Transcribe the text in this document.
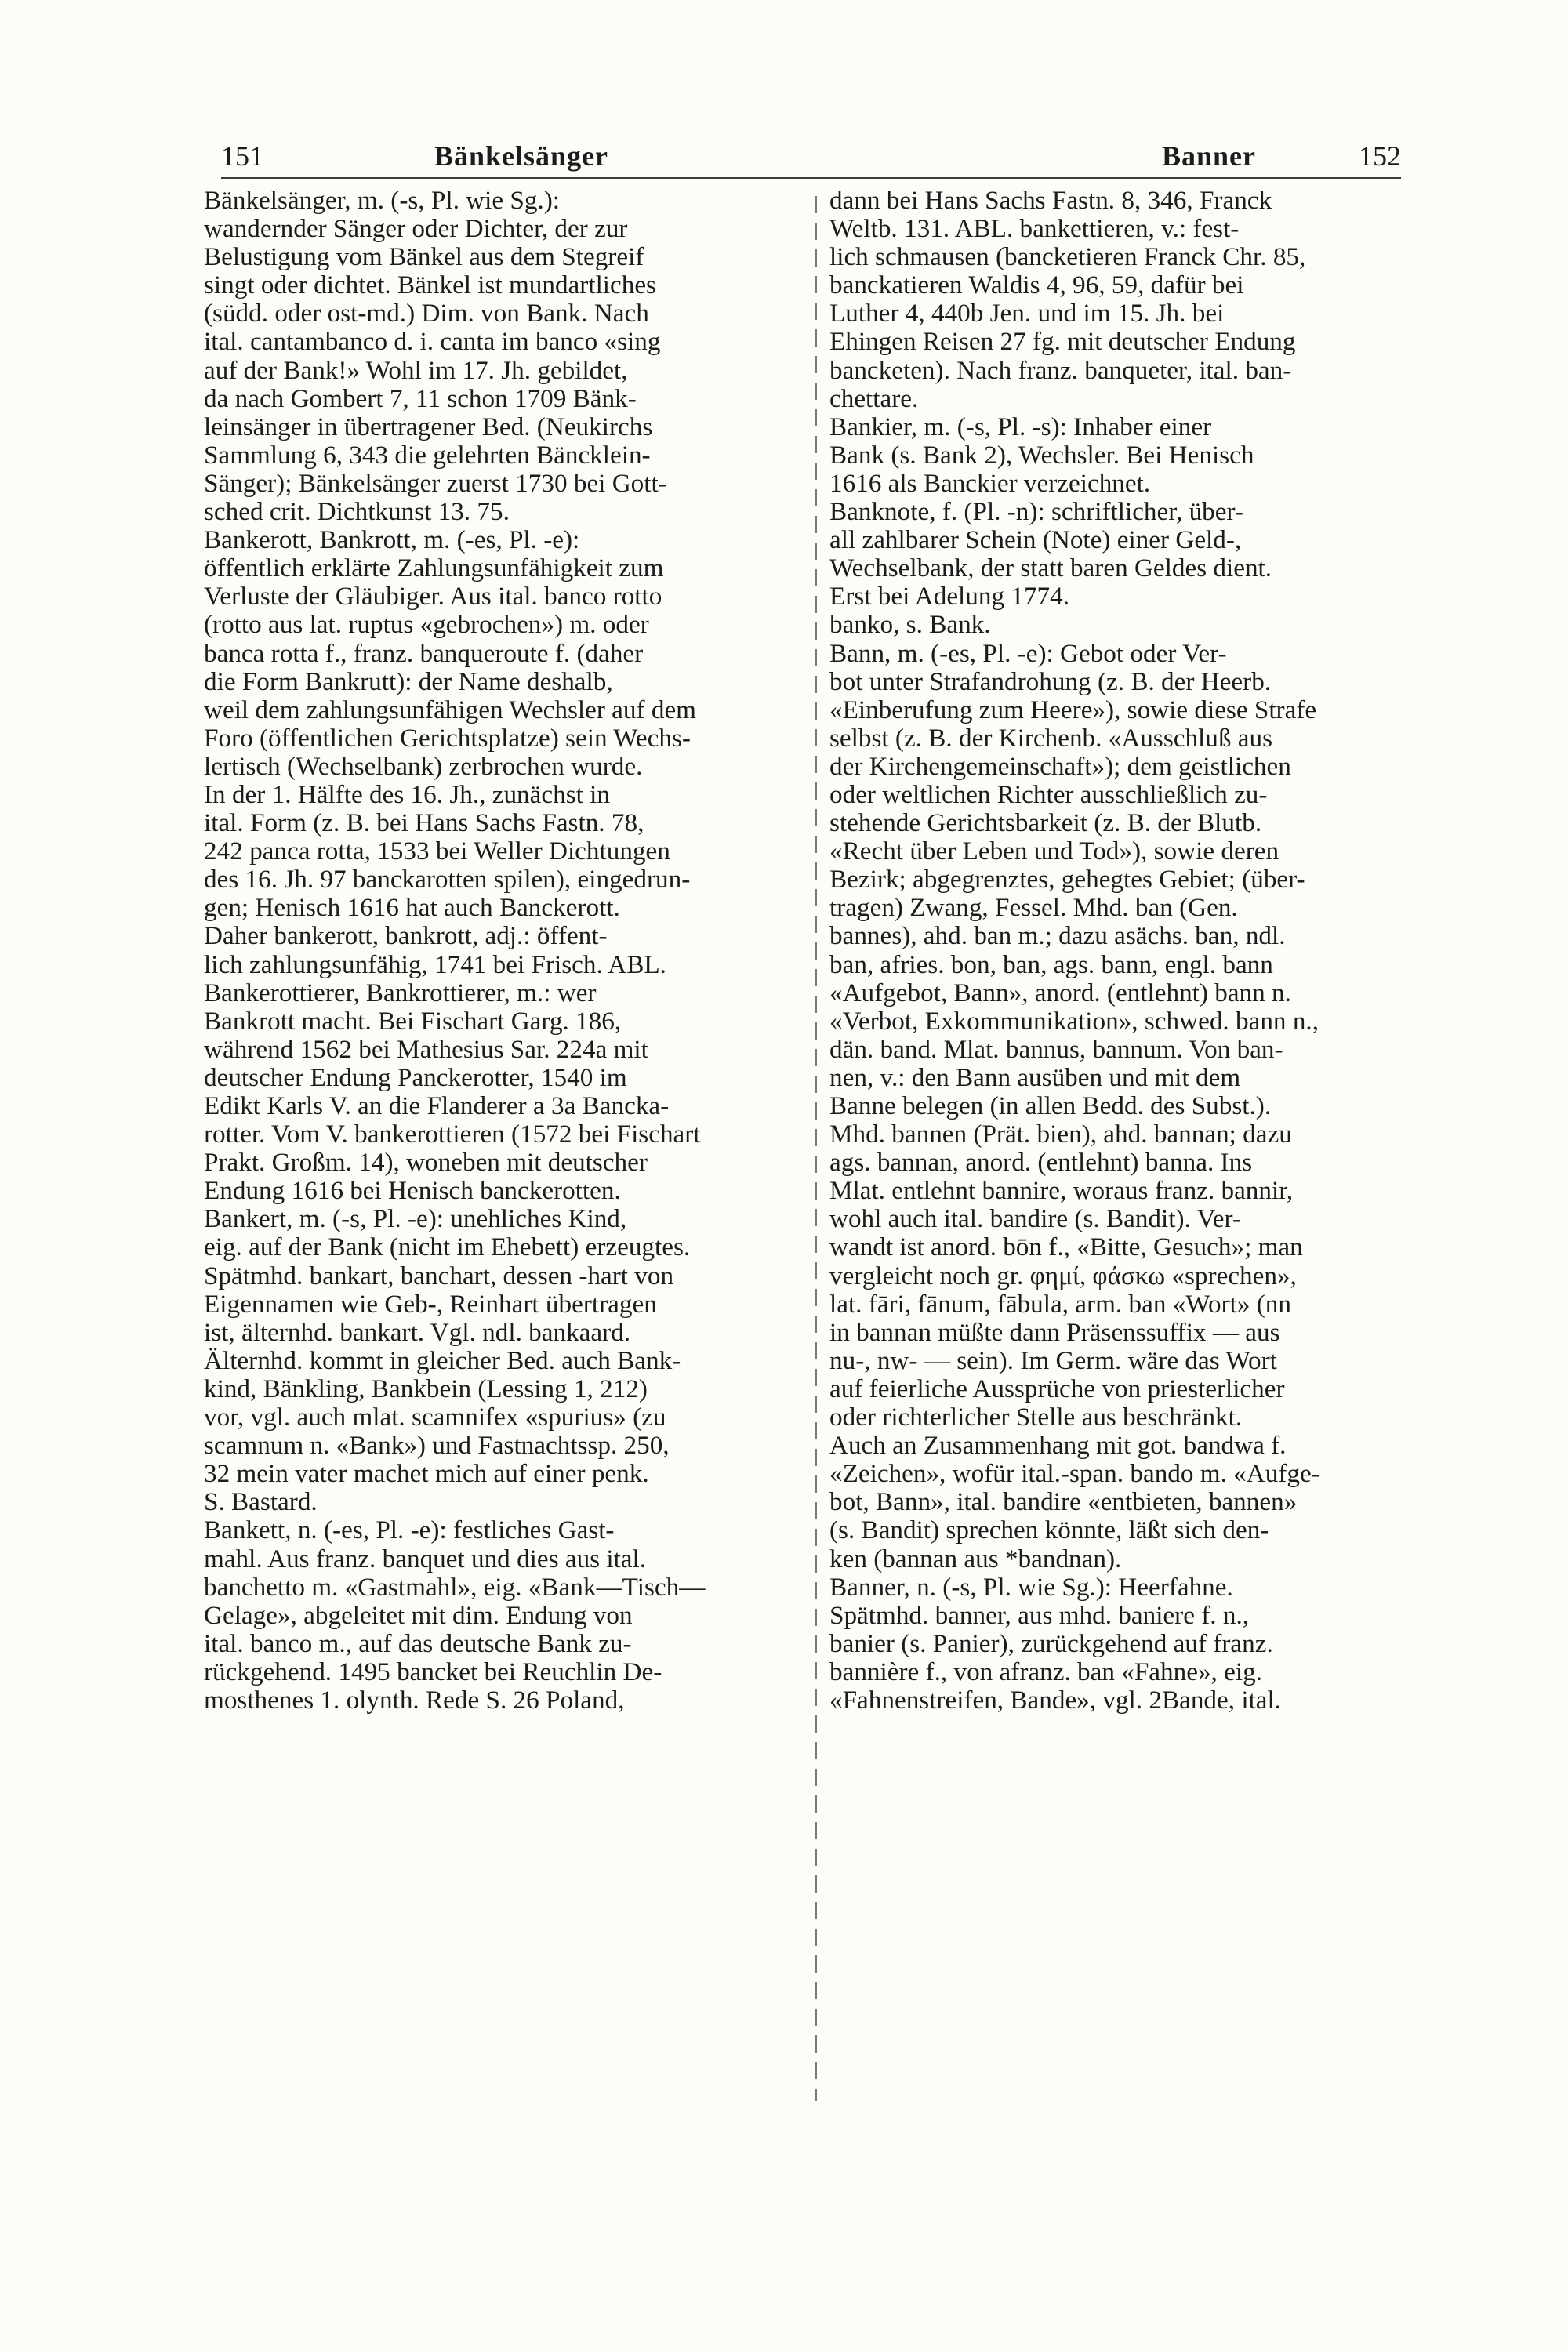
151	Bänkelsänger	Banner	152
Bänkelsänger, m. (-s, Pl. wie Sg.):
wandernder Sänger oder Dichter, der zur
Belustigung vom Bänkel aus dem Stegreif
singt oder dichtet. Bänkel ist mundartliches
(südd. oder ost-md.) Dim. von Bank. Nach
ital. cantambanco d. i. canta im banco «sing
auf der Bank!» Wohl im 17. Jh. gebildet,
da nach Gombert 7, 11 schon 1709 Bänk-
leinsänger in übertragener Bed. (Neukirchs
Sammlung 6, 343 die gelehrten Bäncklein-
Sänger); Bänkelsänger zuerst 1730 bei Gott-
sched crit. Dichtkunst 13. 75.
Bankerott, Bankrott, m. (-es, Pl. -e):
öffentlich erklärte Zahlungsunfähigkeit zum
Verluste der Gläubiger. Aus ital. banco rotto
(rotto aus lat. ruptus «gebrochen») m. oder
banca rotta f., franz. banqueroute f. (daher
die Form Bankrutt): der Name deshalb,
weil dem zahlungsunfähigen Wechsler auf dem
Foro (öffentlichen Gerichtsplatze) sein Wechs-
lertisch (Wechselbank) zerbrochen wurde.
In der 1. Hälfte des 16. Jh., zunächst in
ital. Form (z. B. bei Hans Sachs Fastn. 78,
242 panca rotta, 1533 bei Weller Dichtungen
des 16. Jh. 97 banckarotten spilen), eingedrun-
gen; Henisch 1616 hat auch Banckerott.
Daher bankerott, bankrott, adj.: öffent-
lich zahlungsunfähig, 1741 bei Frisch. ABL.
Bankerottierer, Bankrottierer, m.: wer
Bankrott macht. Bei Fischart Garg. 186,
während 1562 bei Mathesius Sar. 224a mit
deutscher Endung Panckerotter, 1540 im
Edikt Karls V. an die Flanderer a 3a Bancka-
rotter. Vom V. bankerottieren (1572 bei Fischart
Prakt. Großm. 14), woneben mit deutscher
Endung 1616 bei Henisch banckerotten.
Bankert, m. (-s, Pl. -e): unehliches Kind,
eig. auf der Bank (nicht im Ehebett) erzeugtes.
Spätmhd. bankart, banchart, dessen -hart von
Eigennamen wie Geb-, Reinhart übertragen
ist, älternhd. bankart. Vgl. ndl. bankaard.
Älternhd. kommt in gleicher Bed. auch Bank-
kind, Bänkling, Bankbein (Lessing 1, 212)
vor, vgl. auch mlat. scamnifex «spurius» (zu
scamnum n. «Bank») und Fastnachtssp. 250,
32 mein vater machet mich auf einer penk.
S. Bastard.
Bankett, n. (-es, Pl. -e): festliches Gast-
mahl. Aus franz. banquet und dies aus ital.
banchetto m. «Gastmahl», eig. «Bank—Tisch—
Gelage», abgeleitet mit dim. Endung von
ital. banco m., auf das deutsche Bank zu-
rückgehend. 1495 bancket bei Reuchlin De-
mosthenes 1. olynth. Rede S. 26 Poland,
dann bei Hans Sachs Fastn. 8, 346, Franck
Weltb. 131. ABL. bankettieren, v.: fest-
lich schmausen (bancketieren Franck Chr. 85,
banckatieren Waldis 4, 96, 59, dafür bei
Luther 4, 440b Jen. und im 15. Jh. bei
Ehingen Reisen 27 fg. mit deutscher Endung
bancketen). Nach franz. banqueter, ital. ban-
chettare.
Bankier, m. (-s, Pl. -s): Inhaber einer
Bank (s. Bank 2), Wechsler. Bei Henisch
1616 als Banckier verzeichnet.
Banknote, f. (Pl. -n): schriftlicher, über-
all zahlbarer Schein (Note) einer Geld-,
Wechselbank, der statt baren Geldes dient.
Erst bei Adelung 1774.
banko, s. Bank.
Bann, m. (-es, Pl. -e): Gebot oder Ver-
bot unter Strafandrohung (z. B. der Heerb.
«Einberufung zum Heere»), sowie diese Strafe
selbst (z. B. der Kirchenb. «Ausschluß aus
der Kirchengemeinschaft»); dem geistlichen
oder weltlichen Richter ausschließlich zu-
stehende Gerichtsbarkeit (z. B. der Blutb.
«Recht über Leben und Tod»), sowie deren
Bezirk; abgegrenztes, gehegtes Gebiet; (über-
tragen) Zwang, Fessel. Mhd. ban (Gen.
bannes), ahd. ban m.; dazu asächs. ban, ndl.
ban, afries. bon, ban, ags. bann, engl. bann
«Aufgebot, Bann», anord. (entlehnt) bann n.
«Verbot, Exkommunikation», schwed. bann n.,
dän. band. Mlat. bannus, bannum. Von ban-
nen, v.: den Bann ausüben und mit dem
Banne belegen (in allen Bedd. des Subst.).
Mhd. bannen (Prät. bien), ahd. bannan; dazu
ags. bannan, anord. (entlehnt) banna. Ins
Mlat. entlehnt bannire, woraus franz. bannir,
wohl auch ital. bandire (s. Bandit). Ver-
wandt ist anord. bōn f., «Bitte, Gesuch»; man
vergleicht noch gr. φημί, φάσκω «sprechen»,
lat. fāri, fānum, fābula, arm. ban «Wort» (nn
in bannan müßte dann Präsenssuffix — aus
nu-, nw- — sein). Im Germ. wäre das Wort
auf feierliche Aussprüche von priesterlicher
oder richterlicher Stelle aus beschränkt.
Auch an Zusammenhang mit got. bandwa f.
«Zeichen», wofür ital.-span. bando m. «Aufge-
bot, Bann», ital. bandire «entbieten, bannen»
(s. Bandit) sprechen könnte, läßt sich den-
ken (bannan aus *bandnan).
Banner, n. (-s, Pl. wie Sg.): Heerfahne.
Spätmhd. banner, aus mhd. baniere f. n.,
banier (s. Panier), zurückgehend auf franz.
bannière f., von afranz. ban «Fahne», eig.
«Fahnenstreifen, Bande», vgl. 2Bande, ital.
